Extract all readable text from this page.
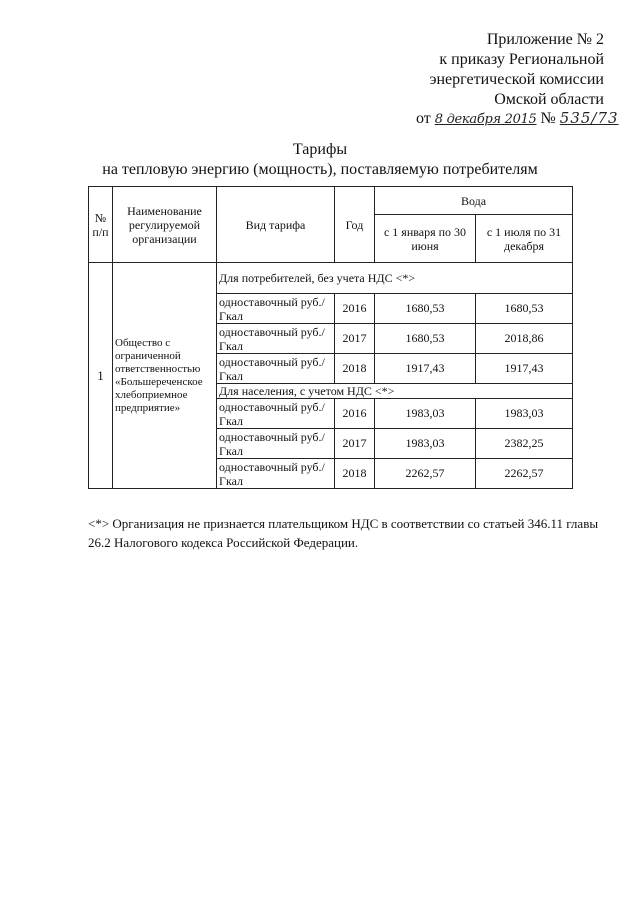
Приложение № 2
к приказу Региональной
энергетической комиссии
Омской области
от 8 декабря 2015 № 535/73
Тарифы
на тепловую энергию (мощность), поставляемую потребителям
№ п/п	Наименование регулируемой организации	Вид тарифа	Год	Вода	
				с 1 января по 30 июня	с 1 июля по 31 декабря
1	Общество с ограниченной ответственностью «Большереченское хлебоприемное предприятие»	Для потребителей, без учета НДС <*>			
		одноставочный руб./Гкал	2016	1680,53	1680,53
		одноставочный руб./Гкал	2017	1680,53	2018,86
		одноставочный руб./Гкал	2018	1917,43	1917,43
		Для населения, с учетом НДС <*>			
		одноставочный руб./Гкал	2016	1983,03	1983,03
		одноставочный руб./Гкал	2017	1983,03	2382,25
		одноставочный руб./Гкал	2018	2262,57	2262,57
<*> Организация не признается плательщиком НДС в соответствии со статьей 346.11 главы 26.2 Налогового кодекса Российской Федерации.
